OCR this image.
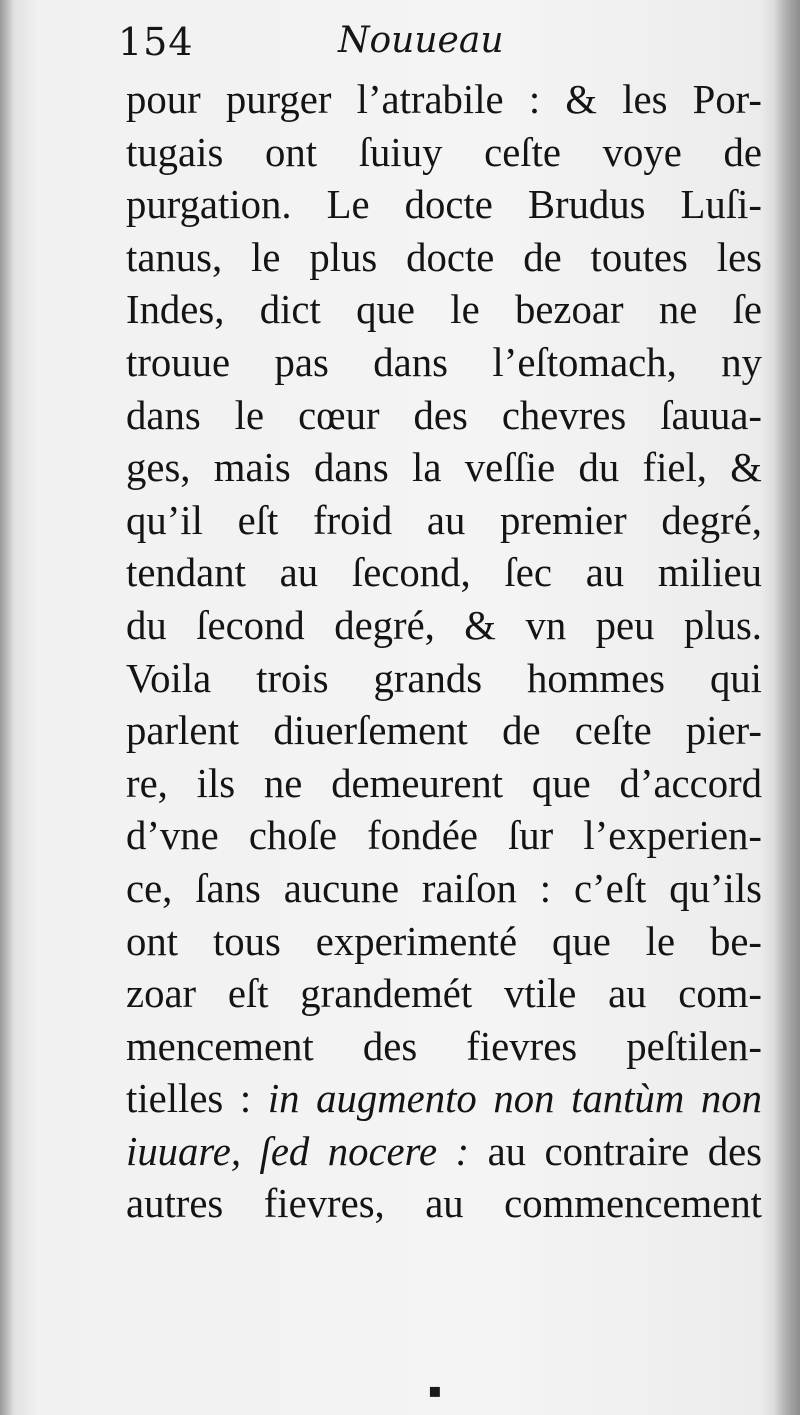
154	Nouueau
pour purger l’atrabile : & les Por-
tugais ont ſuiuy ceſte voye de
purgation. Le docte Brudus Luſi-
tanus, le plus docte de toutes les
Indes, dict que le bezoar ne ſe
trouue pas dans l’eſtomach, ny
dans le cœur des chevres ſauua-
ges, mais dans la veſſie du fiel, &
qu’il eſt froid au premier degré,
tendant au ſecond, ſec au milieu
du ſecond degré, & vn peu plus.
Voila trois grands hommes qui
parlent diuerſement de ceſte pier-
re, ils ne demeurent que d’accord
d’vne choſe fondée ſur l’experien-
ce, ſans aucune raiſon : c’eſt qu’ils
ont tous experimenté que le be-
zoar eſt grandemét vtile au com-
mencement des fievres peſtilen-
tielles : in augmento non tantùm non
iuuare, ſed nocere : au contraire des
autres fievres, au commencement
▪
